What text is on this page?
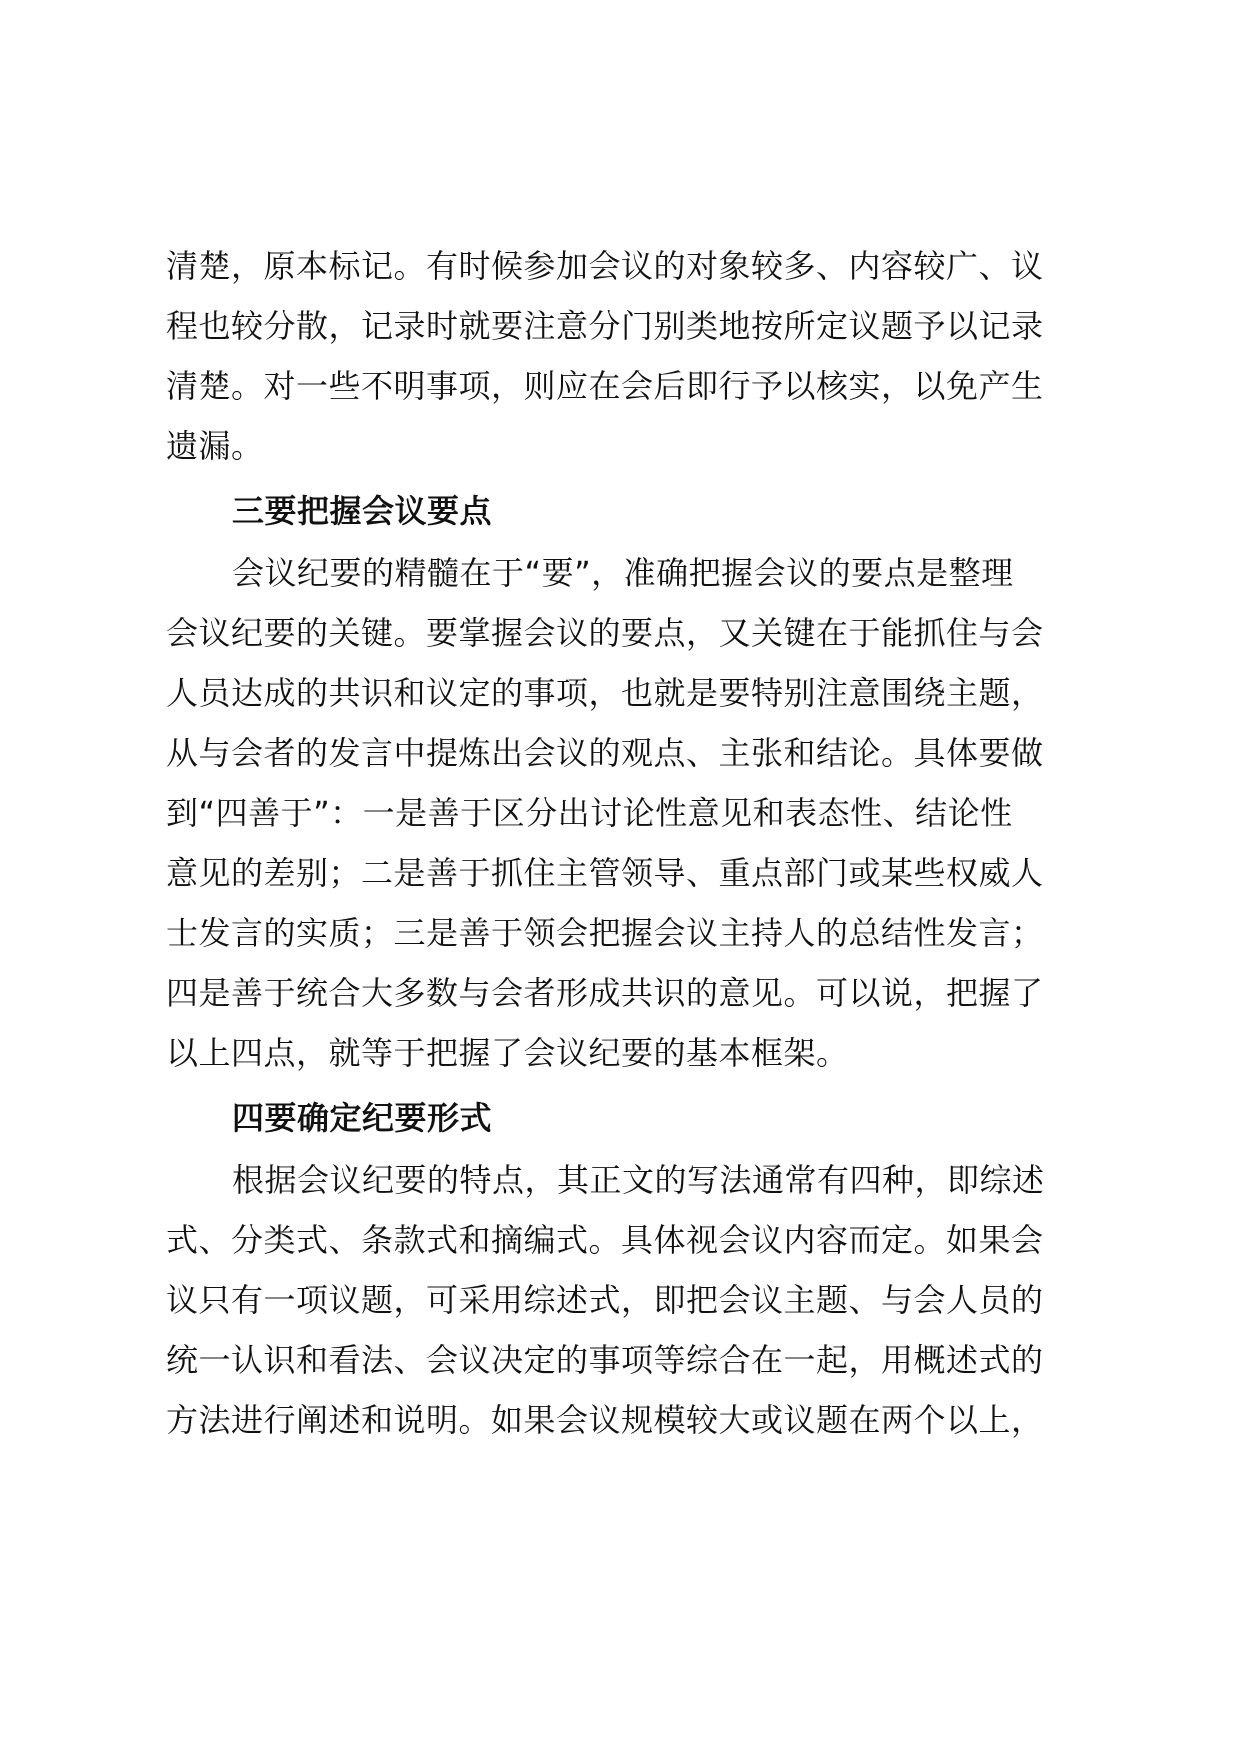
清楚，原本标记。有时候参加会议的对象较多、内容较广、议
程也较分散，记录时就要注意分门别类地按所定议题予以记录
清楚。对一些不明事项，则应在会后即行予以核实，以免产生
遗漏。
三要把握会议要点
会议纪要的精髓在于“要”，准确把握会议的要点是整理
会议纪要的关键。要掌握会议的要点，又关键在于能抓住与会
人员达成的共识和议定的事项，也就是要特别注意围绕主题，
从与会者的发言中提炼出会议的观点、主张和结论。具体要做
到“四善于”：一是善于区分出讨论性意见和表态性、结论性
意见的差别；二是善于抓住主管领导、重点部门或某些权威人
士发言的实质；三是善于领会把握会议主持人的总结性发言；
四是善于统合大多数与会者形成共识的意见。可以说，把握了
以上四点，就等于把握了会议纪要的基本框架。
四要确定纪要形式
根据会议纪要的特点，其正文的写法通常有四种，即综述
式、分类式、条款式和摘编式。具体视会议内容而定。如果会
议只有一项议题，可采用综述式，即把会议主题、与会人员的
统一认识和看法、会议决定的事项等综合在一起，用概述式的
方法进行阐述和说明。如果会议规模较大或议题在两个以上，
